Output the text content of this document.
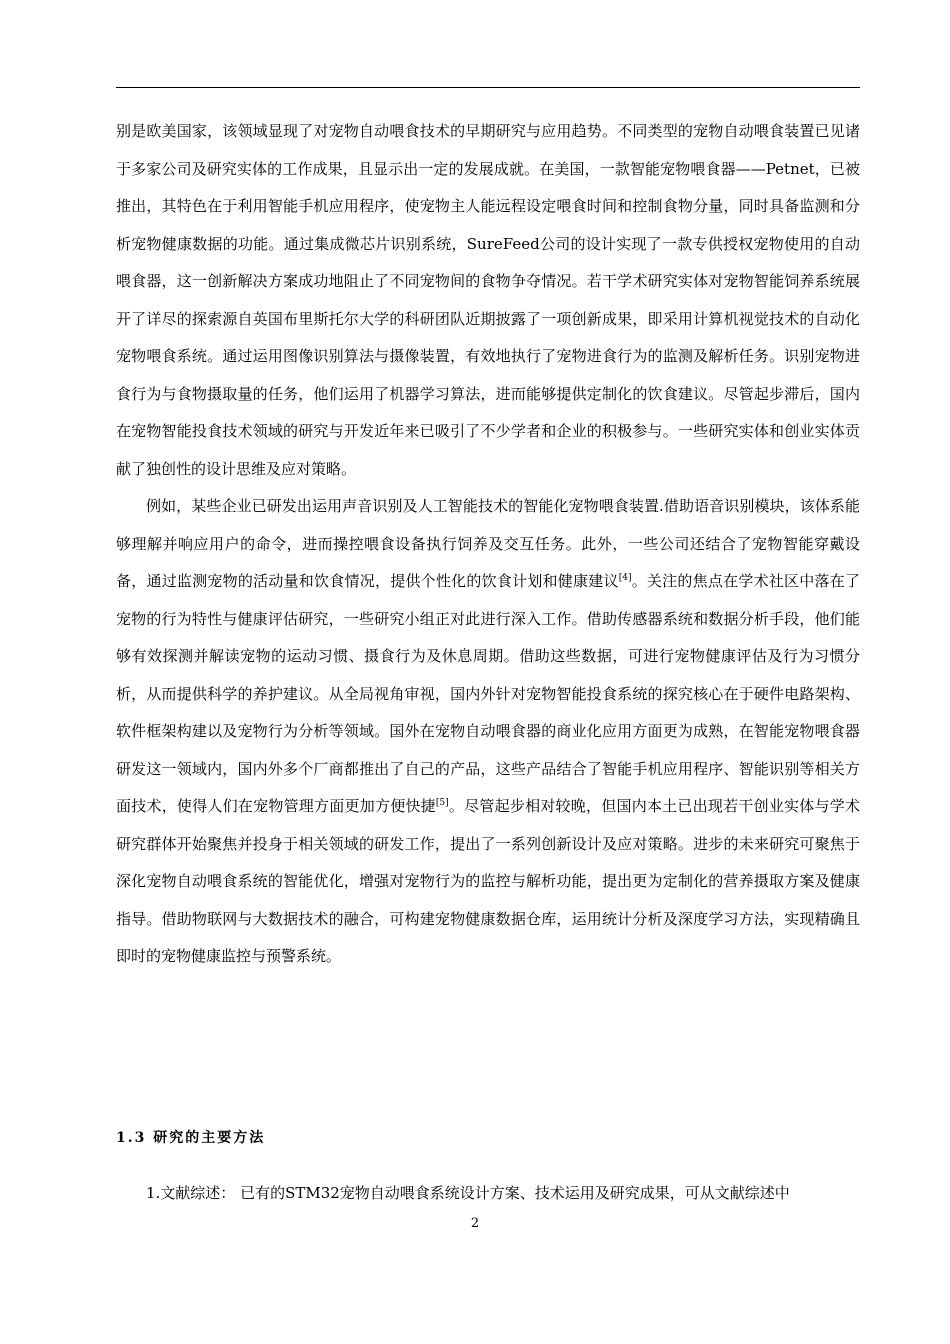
别是欧美国家，该领域显现了对宠物自动喂食技术的早期研究与应用趋势。不同类型的宠物自动喂食装置已见诸于多家公司及研究实体的工作成果，且显示出一定的发展成就。在美国，一款智能宠物喂食器——Petnet，已被推出，其特色在于利用智能手机应用程序，使宠物主人能远程设定喂食时间和控制食物分量，同时具备监测和分析宠物健康数据的功能。通过集成微芯片识别系统，SureFeed公司的设计实现了一款专供授权宠物使用的自动喂食器，这一创新解决方案成功地阻止了不同宠物间的食物争夺情况。若干学术研究实体对宠物智能饲养系统展开了详尽的探索源自英国布里斯托尔大学的科研团队近期披露了一项创新成果，即采用计算机视觉技术的自动化宠物喂食系统。通过运用图像识别算法与摄像装置，有效地执行了宠物进食行为的监测及解析任务。识别宠物进食行为与食物摄取量的任务，他们运用了机器学习算法，进而能够提供定制化的饮食建议。尽管起步滞后，国内在宠物智能投食技术领域的研究与开发近年来已吸引了不少学者和企业的积极参与。一些研究实体和创业实体贡献了独创性的设计思维及应对策略。

例如，某些企业已研发出运用声音识别及人工智能技术的智能化宠物喂食装置.借助语音识别模块，该体系能够理解并响应用户的命令，进而操控喂食设备执行饲养及交互任务。此外，一些公司还结合了宠物智能穿戴设备，通过监测宠物的活动量和饮食情况，提供个性化的饮食计划和健康建议[4]。关注的焦点在学术社区中落在了宠物的行为特性与健康评估研究，一些研究小组正对此进行深入工作。借助传感器系统和数据分析手段，他们能够有效探测并解读宠物的运动习惯、摄食行为及休息周期。借助这些数据，可进行宠物健康评估及行为习惯分析，从而提供科学的养护建议。从全局视角审视，国内外针对宠物智能投食系统的探究核心在于硬件电路架构、软件框架构建以及宠物行为分析等领域。国外在宠物自动喂食器的商业化应用方面更为成熟，在智能宠物喂食器研发这一领域内，国内外多个厂商都推出了自己的产品，这些产品结合了智能手机应用程序、智能识别等相关方面技术，使得人们在宠物管理方面更加方便快捷[5]。尽管起步相对较晚，但国内本土已出现若干创业实体与学术研究群体开始聚焦并投身于相关领域的研发工作，提出了一系列创新设计及应对策略。进步的未来研究可聚焦于深化宠物自动喂食系统的智能优化，增强对宠物行为的监控与解析功能，提出更为定制化的营养摄取方案及健康指导。借助物联网与大数据技术的融合，可构建宠物健康数据仓库，运用统计分析及深度学习方法，实现精确且即时的宠物健康监控与预警系统。

1.3 研究的主要方法

1.文献综述： 已有的STM32宠物自动喂食系统设计方案、技术运用及研究成果，可从文献综述中

2
